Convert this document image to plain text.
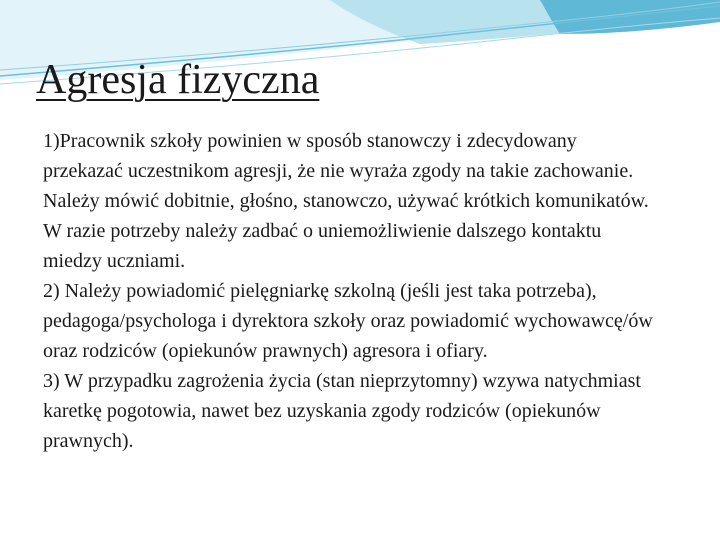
Agresja fizyczna

1)Pracownik szkoły powinien w sposób stanowczy i zdecydowany przekazać uczestnikom agresji, że nie wyraża zgody na takie zachowanie. Należy mówić dobitnie, głośno, stanowczo, używać krótkich komunikatów. W razie potrzeby należy zadbać o uniemożliwienie dalszego kontaktu miedzy uczniami.

2) Należy powiadomić pielęgniarkę szkolną (jeśli jest taka potrzeba), pedagoga/psychologa i dyrektora szkoły oraz powiadomić wychowawcę/ów oraz rodziców (opiekunów prawnych) agresora i ofiary.

3) W przypadku zagrożenia życia (stan nieprzytomny) wzywa natychmiast karetkę pogotowia, nawet bez uzyskania zgody rodziców (opiekunów prawnych).
